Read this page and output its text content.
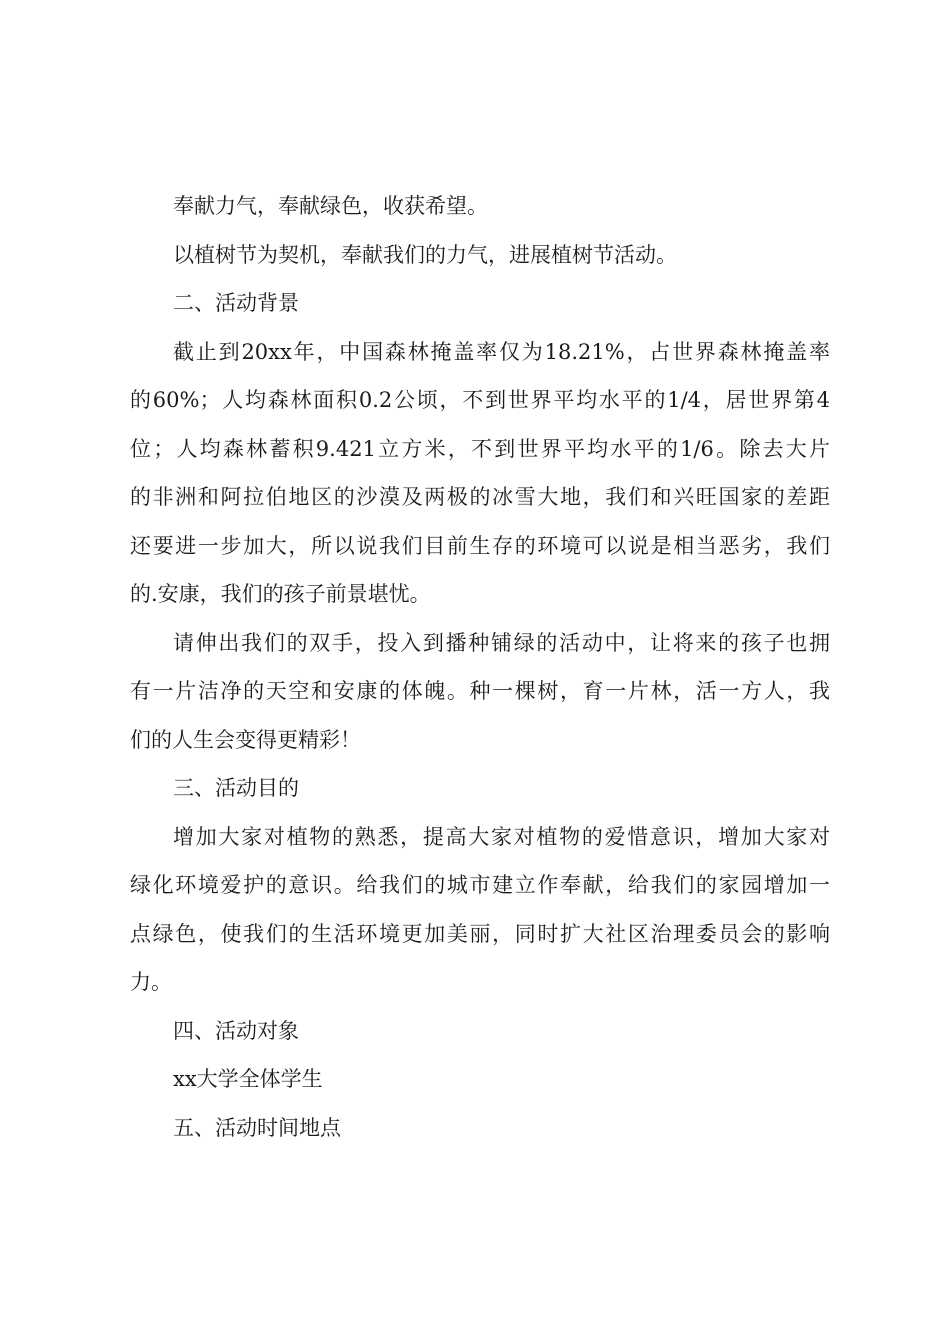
奉献力气，奉献绿色，收获希望。
以植树节为契机，奉献我们的力气，进展植树节活动。
二、活动背景
截止到20xx年，中国森林掩盖率仅为18.21%，占世界森林掩盖率
的60%；人均森林面积0.2公顷，不到世界平均水平的1/4，居世界第4
位；人均森林蓄积9.421立方米，不到世界平均水平的1/6。除去大片
的非洲和阿拉伯地区的沙漠及两极的冰雪大地，我们和兴旺国家的差距
还要进一步加大，所以说我们目前生存的环境可以说是相当恶劣，我们
的.安康，我们的孩子前景堪忧。
请伸出我们的双手，投入到播种铺绿的活动中，让将来的孩子也拥
有一片洁净的天空和安康的体魄。种一棵树，育一片林，活一方人，我
们的人生会变得更精彩！
三、活动目的
增加大家对植物的熟悉，提高大家对植物的爱惜意识，增加大家对
绿化环境爱护的意识。给我们的城市建立作奉献，给我们的家园增加一
点绿色，使我们的生活环境更加美丽，同时扩大社区治理委员会的影响
力。
四、活动对象
xx大学全体学生
五、活动时间地点
